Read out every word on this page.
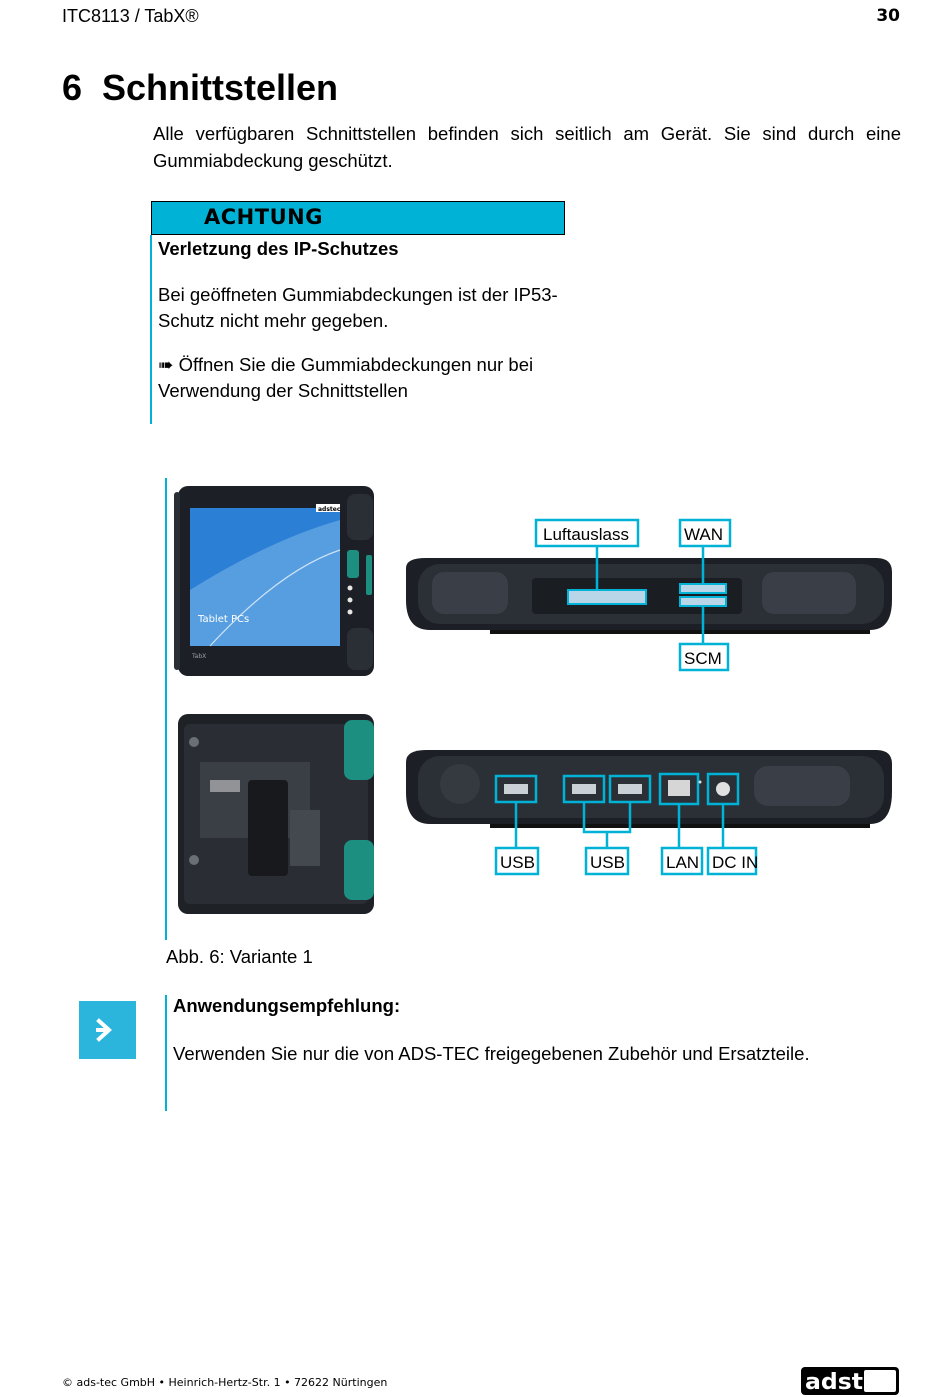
ITC8113 / TabX®	30
6 Schnittstellen
Alle verfügbaren Schnittstellen befinden sich seitlich am Gerät. Sie sind durch eine Gummiabdeckung geschützt.
ACHTUNG
Verletzung des IP-Schutzes
Bei geöffneten Gummiabdeckungen ist der IP53-Schutz nicht mehr gegeben.
➠ Öffnen Sie die Gummiabdeckungen nur bei Verwendung der Schnittstellen
Tablet PCs
TabX
adstec
Luftauslass	WAN
SCM
USB	USB LAN DC IN
Abb. 6: Variante 1
Anwendungsempfehlung:
Verwenden Sie nur die von ADS-TEC freigegebenen Zubehör und Ersatzteile.
© ads-tec GmbH • Heinrich-Hertz-Str. 1 • 72622 Nürtingen	adstec
